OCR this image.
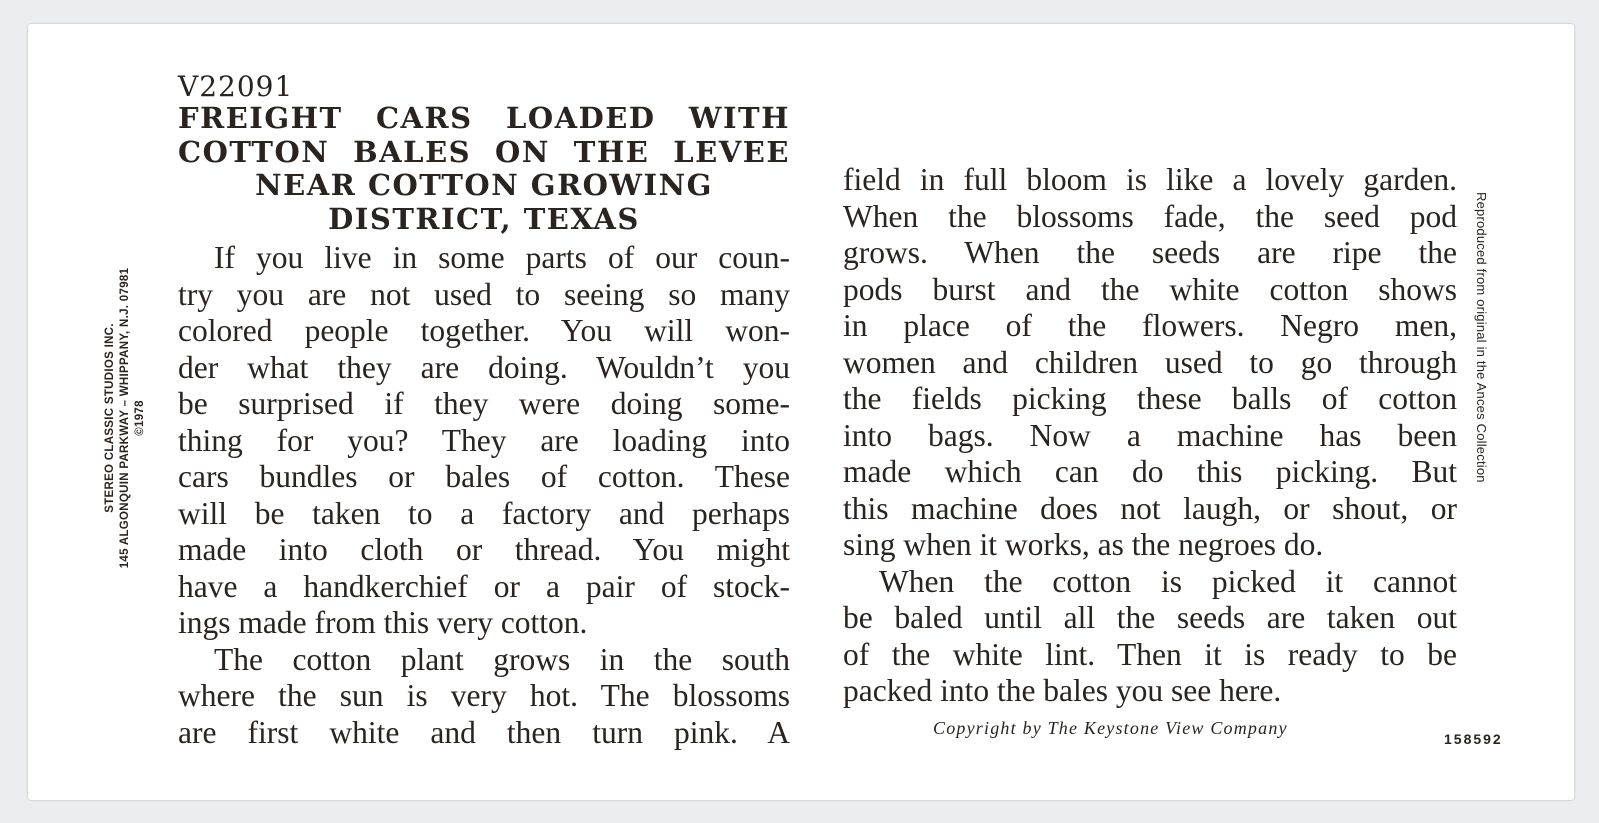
STEREO CLASSIC STUDIOS INC. 145 ALGONQUIN PARKWAY – WHIPPANY, N.J. 07981 ©1978	Reproduced from original in the Ances Collection
V22091
FREIGHT CARS LOADED WITH
COTTON BALES ON THE LEVEE
NEAR COTTON GROWING
DISTRICT, TEXAS
If you live in some parts of our coun-
try you are not used to seeing so many
colored people together. You will won-
der what they are doing. Wouldn’t you
be surprised if they were doing some-
thing for you? They are loading into
cars bundles or bales of cotton. These
will be taken to a factory and perhaps
made into cloth or thread. You might
have a handkerchief or a pair of stock-
ings made from this very cotton.
The cotton plant grows in the south
where the sun is very hot. The blossoms
are first white and then turn pink. A
field in full bloom is like a lovely garden.
When the blossoms fade, the seed pod
grows. When the seeds are ripe the
pods burst and the white cotton shows
in place of the flowers. Negro men,
women and children used to go through
the fields picking these balls of cotton
into bags. Now a machine has been
made which can do this picking. But
this machine does not laugh, or shout, or
sing when it works, as the negroes do.
When the cotton is picked it cannot
be baled until all the seeds are taken out
of the white lint. Then it is ready to be
packed into the bales you see here.
Copyright by The Keystone View Company
158592
